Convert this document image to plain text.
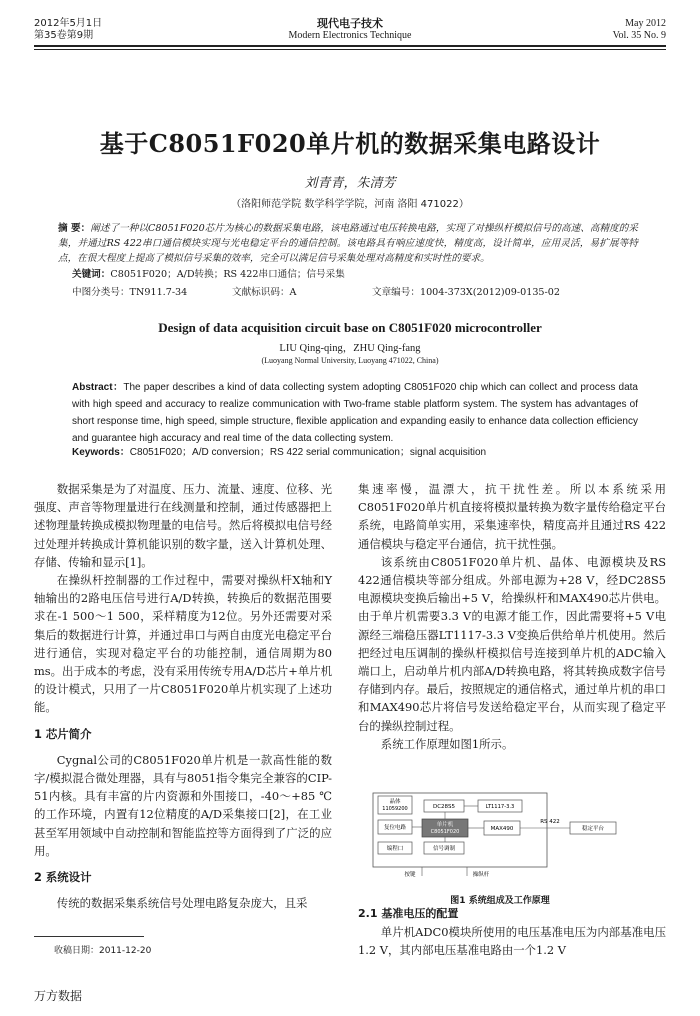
2012年5月1日
第35卷第9期
现代电子技术
Modern Electronics Technique
May 2012
Vol. 35 No. 9
基于C8051F020单片机的数据采集电路设计
刘青青，朱清芳
（洛阳师范学院 数学科学学院，河南 洛阳 471022）
摘 要：阐述了一种以C8051F020芯片为核心的数据采集电路，该电路通过电压转换电路，实现了对操纵杆模拟信号的高速、高精度的采集，并通过RS 422串口通信模块实现与光电稳定平台的通信控制。该电路具有响应速度快，精度高，设计简单，应用灵活，易扩展等特点，在很大程度上提高了模拟信号采集的效率，完全可以满足信号采集处理对高精度和实时性的要求。
关键词：C8051F020；A/D转换；RS 422串口通信；信号采集
中图分类号：TN911.7-34	文献标识码：A	文章编号：1004-373X(2012)09-0135-02
Design of data acquisition circuit base on C8051F020 microcontroller
LIU Qing-qing，ZHU Qing-fang
(Luoyang Normal University, Luoyang 471022, China)
Abstract：The paper describes a kind of data collecting system adopting C8051F020 chip which can collect and process data with high speed and accuracy to realize communication with Two-frame stable platform system. The system has advantages of short response time, high speed, simple structure, flexible application and expanding easily to enhance data collection efficiency and guarantee high accuracy and real time of the data collecting system.
Keywords：C8051F020；A/D conversion；RS 422 serial communication；signal acquisition

数据采集是为了对温度、压力、流量、速度、位移、光强度、声音等物理量进行在线测量和控制，通过传感器把上述物理量转换成模拟物理量的电信号。然后将模拟电信号经过处理并转换成计算机能识别的数字量，送入计算机处理、存储、传输和显示[1]。

在操纵杆控制器的工作过程中，需要对操纵杆X轴和Y轴输出的2路电压信号进行A/D转换，转换后的数据范围要求在-1 500～1 500，采样精度为12位。另外还需要对采集后的数据进行计算，并通过串口与两自由度光电稳定平台进行通信，实现对稳定平台的功能控制，通信周期为80 ms。出于成本的考虑，没有采用传统专用A/D芯片+单片机的设计模式，只用了一片C8051F020单片机实现了上述功能。

1 芯片简介

Cygnal公司的C8051F020单片机是一款高性能的数字/模拟混合微处理器，具有与8051指令集完全兼容的CIP-51内核。具有丰富的片内资源和外围接口，-40～+85 ℃的工作环境，内置有12位精度的A/D采集接口[2]，在工业甚至军用领域中自动控制和智能监控等方面得到了广泛的应用。

2 系统设计

传统的数据采集系统信号处理电路复杂庞大，且采

集速率慢，温漂大，抗干扰性差。所以本系统采用C8051F020单片机直接将模拟量转换为数字量传给稳定平台系统，电路简单实用，采集速率快，精度高并且通过RS 422通信模块与稳定平台通信，抗干扰性强。

该系统由C8051F020单片机、晶体、电源模块及RS 422通信模块等部分组成。外部电源为+28 V，经DC28S5电源模块变换后输出+5 V，给操纵杆和MAX490芯片供电。由于单片机需要3.3 V的电源才能工作，因此需要将+5 V电源经三端稳压器LT1117-3.3 V变换后供给单片机使用。然后把经过电压调制的操纵杆模拟信号连接到单片机的ADC输入端口上，启动单片机内部A/D转换电路，将其转换成数字信号存储到内存。最后，按照规定的通信格式，通过单片机的串口和MAX490芯片将信号发送给稳定平台，从而实现了稳定平台的操纵控制过程。

系统工作原理如图1所示。

晶体
11059200	DC28S5	LT1117-3.3
复位电路	单片机
C8051F020	MAX490
编程口	信号调制
RS 422
稳定平台
按键	操纵杆
图1 系统组成及工作原理
2.1 基准电压的配置

单片机ADC0模块所使用的电压基准电压为内部基准电压1.2 V，其内部电压基准电路由一个1.2 V

收稿日期：2011-12-20
万方数据
